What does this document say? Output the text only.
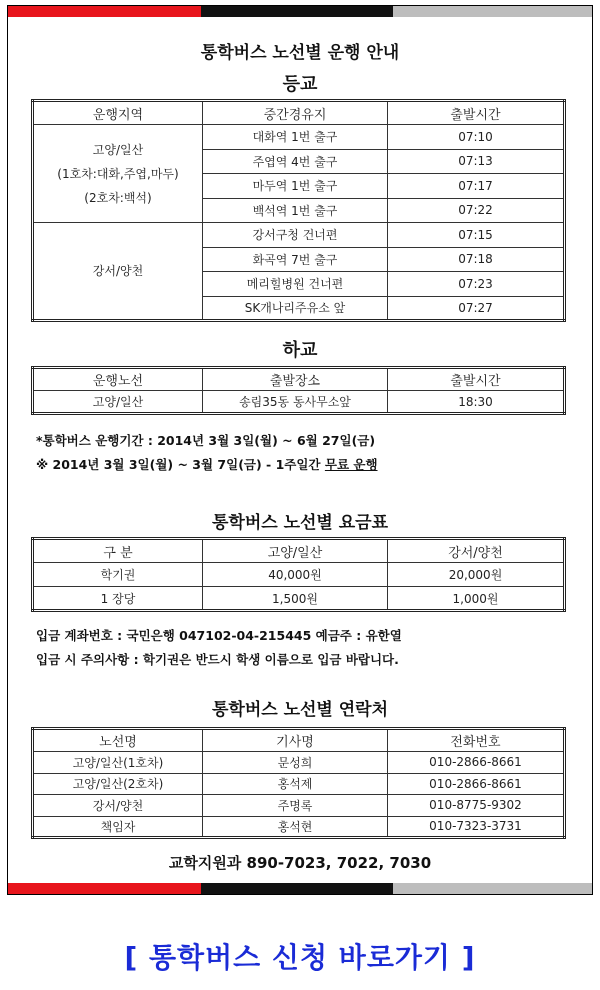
통학버스 노선별 운행 안내
등교
운행지역	중간경유지	출발시간

고양/일산
(1호차:대화,주엽,마두)
(2호차:백석)	대화역 1번 출구	07:10
	주엽역 4번 출구	07:13
	마두역 1번 출구	07:17
	백석역 1번 출구	07:22

강서/양천	강서구청 건너편	07:15
	화곡역 7번 출구	07:18
	메리힐병원 건너편	07:23
	SK개나리주유소 앞	07:27
하교
운행노선	출발장소	출발시간
고양/일산	송림35동 동사무소앞	18:30
*통학버스 운행기간 : 2014년 3월 3일(월) ~ 6월 27일(금)
※ 2014년 3월 3일(월) ~ 3월 7일(금) - 1주일간 무료 운행
통학버스 노선별 요금표
구 분	고양/일산	강서/양천
학기권	40,000원	20,000원
1 장당	1,500원	1,000원
입금 계좌번호 : 국민은행 047102-04-215445 예금주 : 유한열
입금 시 주의사항 : 학기권은 반드시 학생 이름으로 입금 바랍니다.
통학버스 노선별 연락처
노선명	기사명	전화번호
고양/일산(1호차)	문성희	010-2866-8661
고양/일산(2호차)	홍석제	010-2866-8661
강서/양천	주명록	010-8775-9302
책임자	홍석현	010-7323-3731
교학지원과 890-7023, 7022, 7030
[ 통학버스 신청 바로가기 ]
